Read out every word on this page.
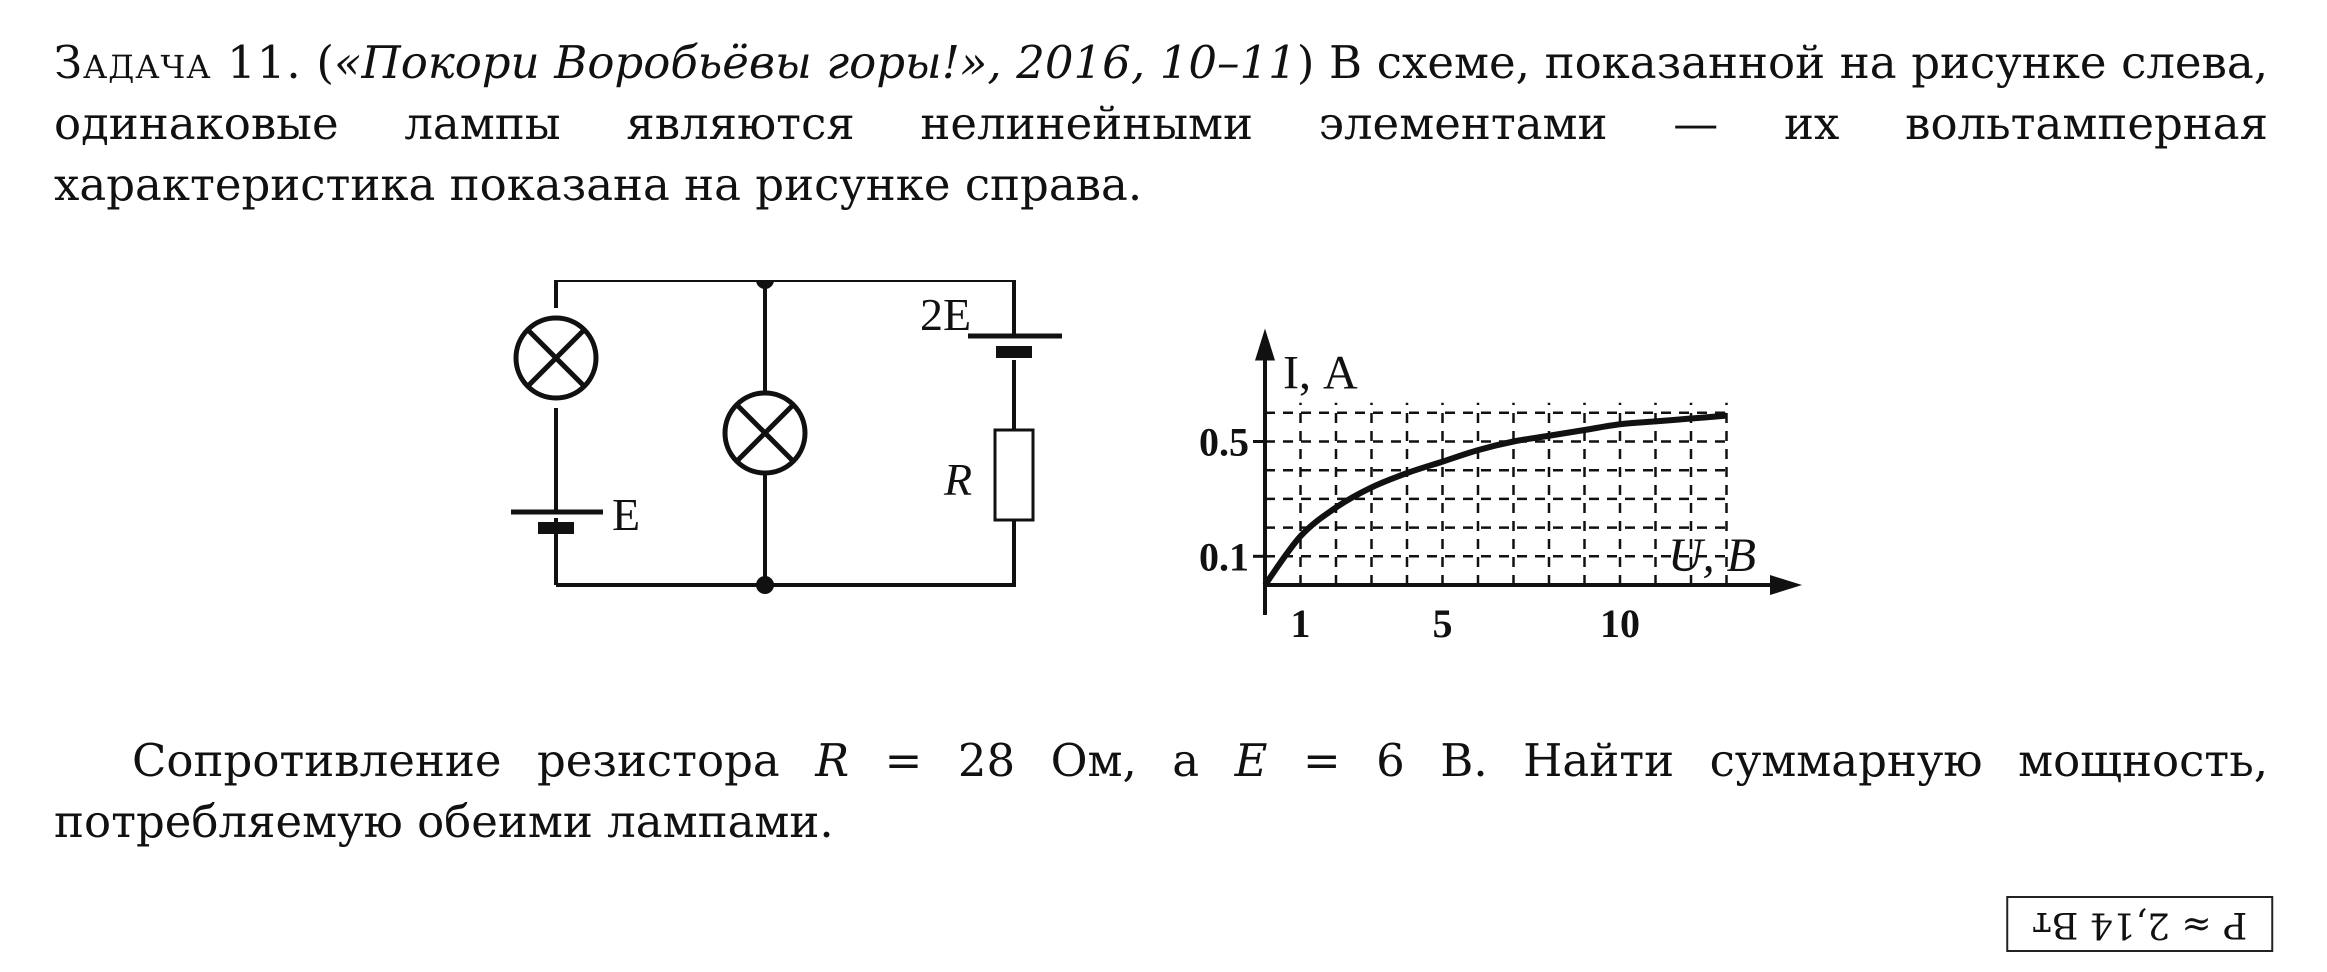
Задача 11. («Покори Воробьёвы горы!», 2016, 10–11) В схеме, показанной на рисунке слева, одинаковые лампы являются нелинейными элементами — их вольтамперная характеристика показана на рисунке справа.
E
2E
R
1	5	10
0.1
0.5
U, В
I, А
Сопротивление резистора R = 28 Ом, а E = 6 В. Найти суммарную мощность, потребляемую обеими лампами.
P ≈ 2,14 Вт
